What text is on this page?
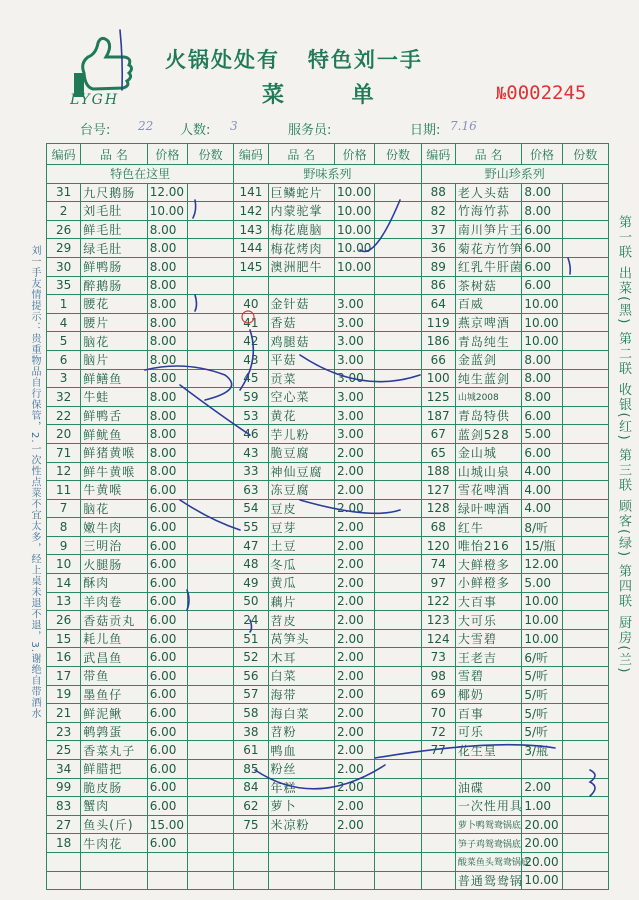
LYGH
火锅处处有   特色刘一手
菜 单	№0002245
台号: 22 人数: 3	服务员:	日期: 7.16
编码	品 名	价格	份数	编码	品 名	价格	份数	编码	品 名	价格	份数
特色在这里				野味系列				野山珍系列			
31	九尺鹅肠	12.00		141	巨鳞蛇片	10.00		88	老人头菇	8.00	
2	刘毛肚	10.00		142	内蒙驼掌	10.00		82	竹海竹荪	8.00	
26	鲜毛肚	8.00		143	梅花鹿脑	10.00		37	南川笋片王	6.00	
29	绿毛肚	8.00		144	梅花烤肉	10.00		36	菊花方竹笋	6.00	
30	鲜鸭肠	8.00		145	澳洲肥牛	10.00		89	红乳牛肝菌	6.00	
35	醉鹅肠	8.00						86	茶树菇	6.00	
1	腰花	8.00		40	金针菇	3.00		64	百威	10.00	
4	腰片	8.00		41	香菇	3.00		119	燕京啤酒	10.00	
5	脑花	8.00		42	鸡腿菇	3.00		186	青岛纯生	10.00	
6	脑片	8.00		43	平菇	3.00		66	金蓝剑	8.00	
3	鲜鳝鱼	8.00		45	贡菜	3.00		100	纯生蓝剑	8.00	
32	牛蛙	8.00		59	空心菜	3.00		125	山城2008	8.00	
22	鲜鸭舌	8.00		53	黄花	3.00		187	青岛特供	6.00	
20	鲜鱿鱼	8.00		46	芋儿粉	3.00		67	蓝剑528	5.00	
71	鲜猪黄喉	8.00		43	脆豆腐	2.00		65	金山城	6.00	
12	鲜牛黄喉	8.00		33	神仙豆腐	2.00		188	山城山泉	4.00	
11	牛黄喉	6.00		63	冻豆腐	2.00		127	雪花啤酒	4.00	
7	脑花	6.00		54	豆皮	2.00		128	绿叶啤酒	4.00	
8	嫩牛肉	6.00		55	豆芽	2.00		68	红牛	8/听	
9	三明治	6.00		47	土豆	2.00		120	唯怡216	15/瓶	
10	火腿肠	6.00		48	冬瓜	2.00		74	大鲜橙多	12.00	
14	酥肉	6.00		49	黄瓜	2.00		97	小鲜橙多	5.00	
13	羊肉卷	6.00		50	藕片	2.00		122	大百事	10.00	
26	香菇贡丸	6.00		24	苕皮	2.00		123	大可乐	10.00	
15	耗儿鱼	6.00		51	莴笋头	2.00		124	大雪碧	10.00	
16	武昌鱼	6.00		52	木耳	2.00		73	王老吉	6/听	
17	带鱼	6.00		56	白菜	2.00		98	雪碧	5/听	
19	墨鱼仔	6.00		57	海带	2.00		69	椰奶	5/听	
21	鲜泥鳅	6.00		58	海白菜	2.00		70	百事	5/听	
23	鹌鹑蛋	6.00		38	苕粉	2.00		72	可乐	5/听	
25	香菜丸子	6.00		61	鸭血	2.00		77	花生皇	3/瓶	
34	鲜腊把	6.00		85	粉丝	2.00					
99	脆皮肠	6.00		84	年糕	2.00			油碟	2.00	
83	蟹肉	6.00		62	萝卜	2.00			一次性用具	1.00	
27	鱼头(斤)	15.00		75	米凉粉	2.00			萝卜鸭鸳鸯锅底	20.00	
18	牛肉花	6.00							笋子鸡鸳鸯锅底	20.00	
									酸菜鱼头鸳鸯锅底	20.00	
									普通鸳鸯锅	10.00	
刘一手友情提示：贵重物品自行保管，2.一次性点菜不宜太多，经上桌未退不退，3.谢绝自带酒水	第一联 出菜(黑) 第二联 收银(红) 第三联 顾客(绿) 第四联 厨房(兰)
